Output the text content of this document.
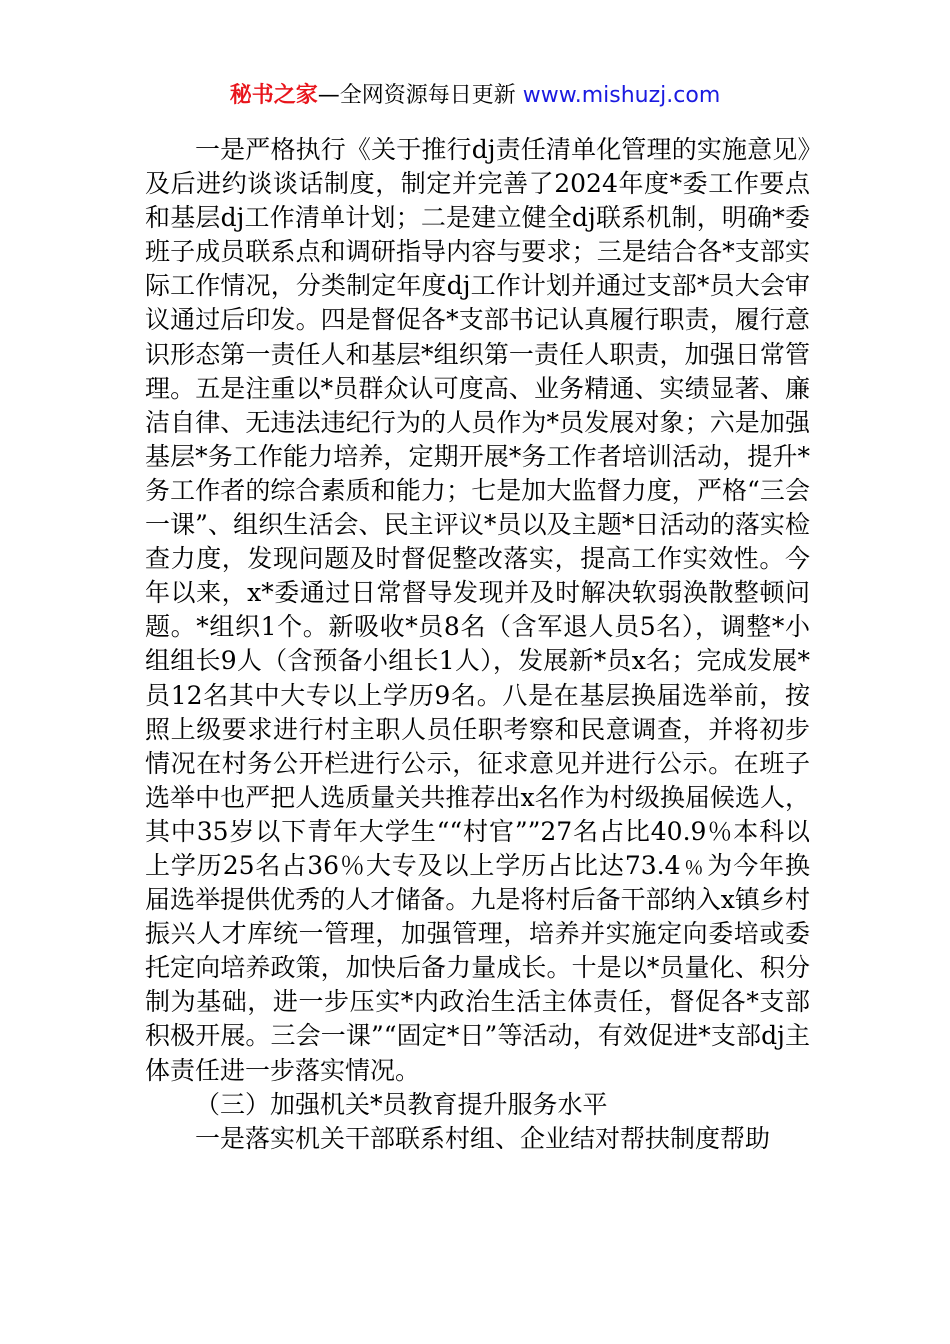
秘书之家—全网资源每日更新 www.mishuzj.com

一是严格执行《关于推行dj责任清单化管理的实施意见》及后进约谈谈话制度，制定并完善了2024年度*委工作要点和基层dj工作清单计划；二是建立健全dj联系机制，明确*委班子成员联系点和调研指导内容与要求；三是结合各*支部实际工作情况，分类制定年度dj工作计划并通过支部*员大会审议通过后印发。四是督促各*支部书记认真履行职责，履行意识形态第一责任人和基层*组织第一责任人职责，加强日常管理。五是注重以*员群众认可度高、业务精通、实绩显著、廉洁自律、无违法违纪行为的人员作为*员发展对象；六是加强基层*务工作能力培养，定期开展*务工作者培训活动，提升*务工作者的综合素质和能力；七是加大监督力度，严格“三会一课”、组织生活会、民主评议*员以及主题*日活动的落实检查力度，发现问题及时督促整改落实，提高工作实效性。今年以来，x*委通过日常督导发现并及时解决软弱涣散整顿问题。*组织1个。新吸收*员8名（含军退人员5名），调整*小组组长9人（含预备小组长1人），发展新*员x名；完成发展*员12名其中大专以上学历9名。八是在基层换届选举前，按照上级要求进行村主职人员任职考察和民意调查，并将初步情况在村务公开栏进行公示，征求意见并进行公示。在班子选举中也严把人选质量关共推荐出x名作为村级换届候选人，其中35岁以下青年大学生““村官””27名占比40.9％本科以上学历25名占36％大专及以上学历占比达73.4﹪为今年换届选举提供优秀的人才储备。九是将村后备干部纳入x镇乡村振兴人才库统一管理，加强管理，培养并实施定向委培或委托定向培养政策，加快后备力量成长。十是以*员量化、积分制为基础，进一步压实*内政治生活主体责任，督促各*支部积极开展。三会一课”“固定*日”等活动，有效促进*支部dj主体责任进一步落实情况。

（三）加强机关*员教育提升服务水平

一是落实机关干部联系村组、企业结对帮扶制度帮助
